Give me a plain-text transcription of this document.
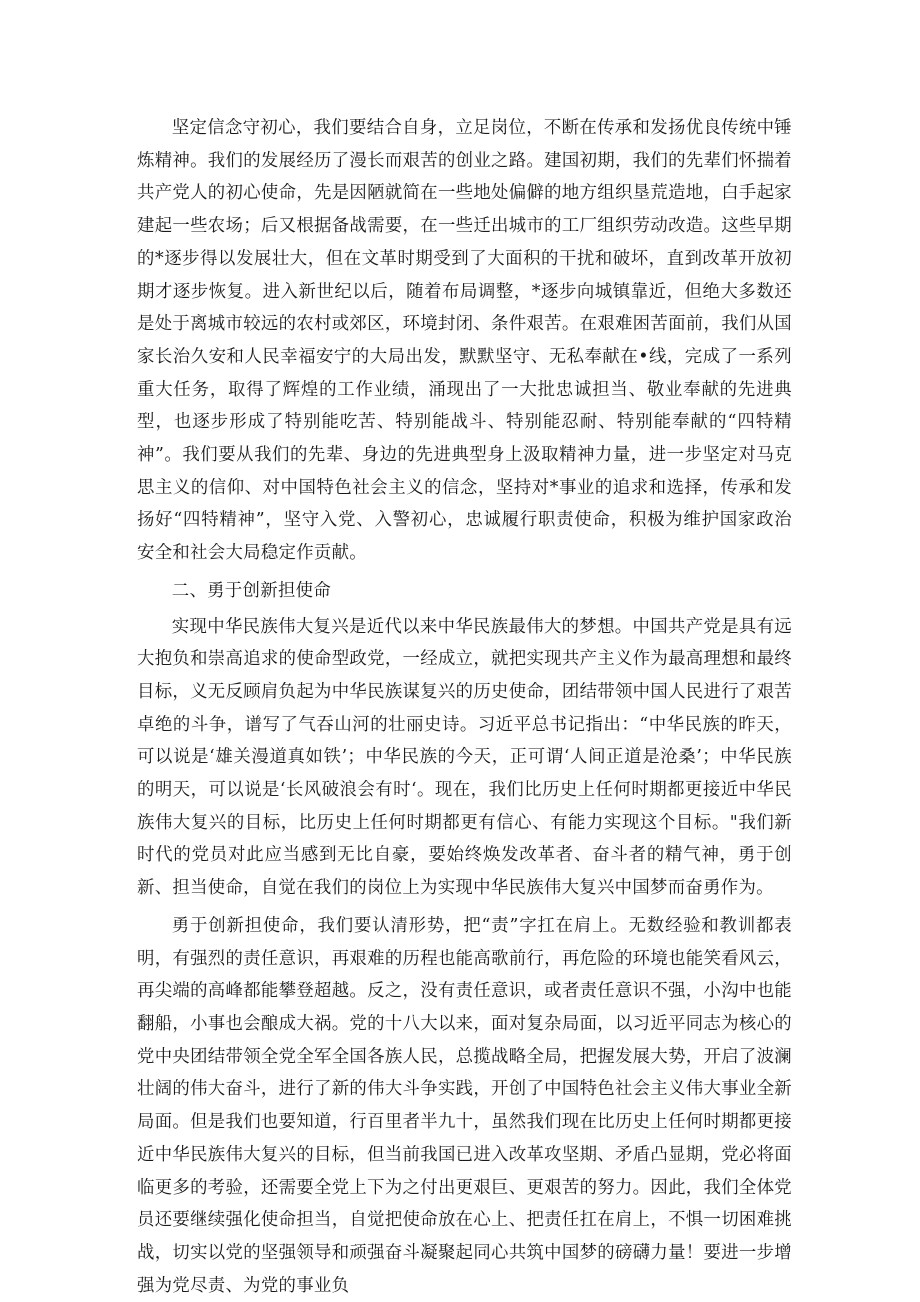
坚定信念守初心，我们要结合自身，立足岗位，不断在传承和发扬优良传统中锤炼精神。我们的发展经历了漫长而艰苦的创业之路。建国初期，我们的先辈们怀揣着共产党人的初心使命，先是因陋就简在一些地处偏僻的地方组织垦荒造地，白手起家建起一些农场；后又根据备战需要，在一些迁出城市的工厂组织劳动改造。这些早期的*逐步得以发展壮大，但在文革时期受到了大面积的干扰和破坏，直到改革开放初期才逐步恢复。进入新世纪以后，随着布局调整，*逐步向城镇靠近，但绝大多数还是处于离城市较远的农村或郊区，环境封闭、条件艰苦。在艰难困苦面前，我们从国家长治久安和人民幸福安宁的大局出发，默默坚守、无私奉献在•线，完成了一系列重大任务，取得了辉煌的工作业绩，涌现出了一大批忠诚担当、敬业奉献的先进典型，也逐步形成了特别能吃苦、特别能战斗、特别能忍耐、特别能奉献的“四特精神”。我们要从我们的先辈、身边的先进典型身上汲取精神力量，进一步坚定对马克思主义的信仰、对中国特色社会主义的信念，坚持对*事业的追求和选择，传承和发扬好“四特精神”，坚守入党、入警初心，忠诚履行职责使命，积极为维护国家政治安全和社会大局稳定作贡献。

二、勇于创新担使命

实现中华民族伟大复兴是近代以来中华民族最伟大的梦想。中国共产党是具有远大抱负和崇高追求的使命型政党，一经成立，就把实现共产主义作为最高理想和最终目标，义无反顾肩负起为中华民族谋复兴的历史使命，团结带领中国人民进行了艰苦卓绝的斗争，谱写了气吞山河的壮丽史诗。习近平总书记指出：“中华民族的昨天，可以说是‘雄关漫道真如铁’；中华民族的今天，正可谓‘人间正道是沧桑’；中华民族的明天，可以说是‘长风破浪会有时‘。现在，我们比历史上任何时期都更接近中华民族伟大复兴的目标，比历史上任何时期都更有信心、有能力实现这个目标。"我们新时代的党员对此应当感到无比自豪，要始终焕发改革者、奋斗者的精气神，勇于创新、担当使命，自觉在我们的岗位上为实现中华民族伟大复兴中国梦而奋勇作为。

勇于创新担使命，我们要认清形势，把“责”字扛在肩上。无数经验和教训都表明，有强烈的责任意识，再艰难的历程也能高歌前行，再危险的环境也能笑看风云，再尖端的高峰都能攀登超越。反之，没有责任意识，或者责任意识不强，小沟中也能翻船，小事也会酿成大祸。党的十八大以来，面对复杂局面，以习近平同志为核心的党中央团结带领全党全军全国各族人民，总揽战略全局，把握发展大势，开启了波澜壮阔的伟大奋斗，进行了新的伟大斗争实践，开创了中国特色社会主义伟大事业全新局面。但是我们也要知道，行百里者半九十，虽然我们现在比历史上任何时期都更接近中华民族伟大复兴的目标，但当前我国已进入改革攻坚期、矛盾凸显期，党必将面临更多的考验，还需要全党上下为之付出更艰巨、更艰苦的努力。因此，我们全体党员还要继续强化使命担当，自觉把使命放在心上、把责任扛在肩上，不惧一切困难挑战，切实以党的坚强领导和顽强奋斗凝聚起同心共筑中国梦的磅礴力量！要进一步增强为党尽责、为党的事业负
